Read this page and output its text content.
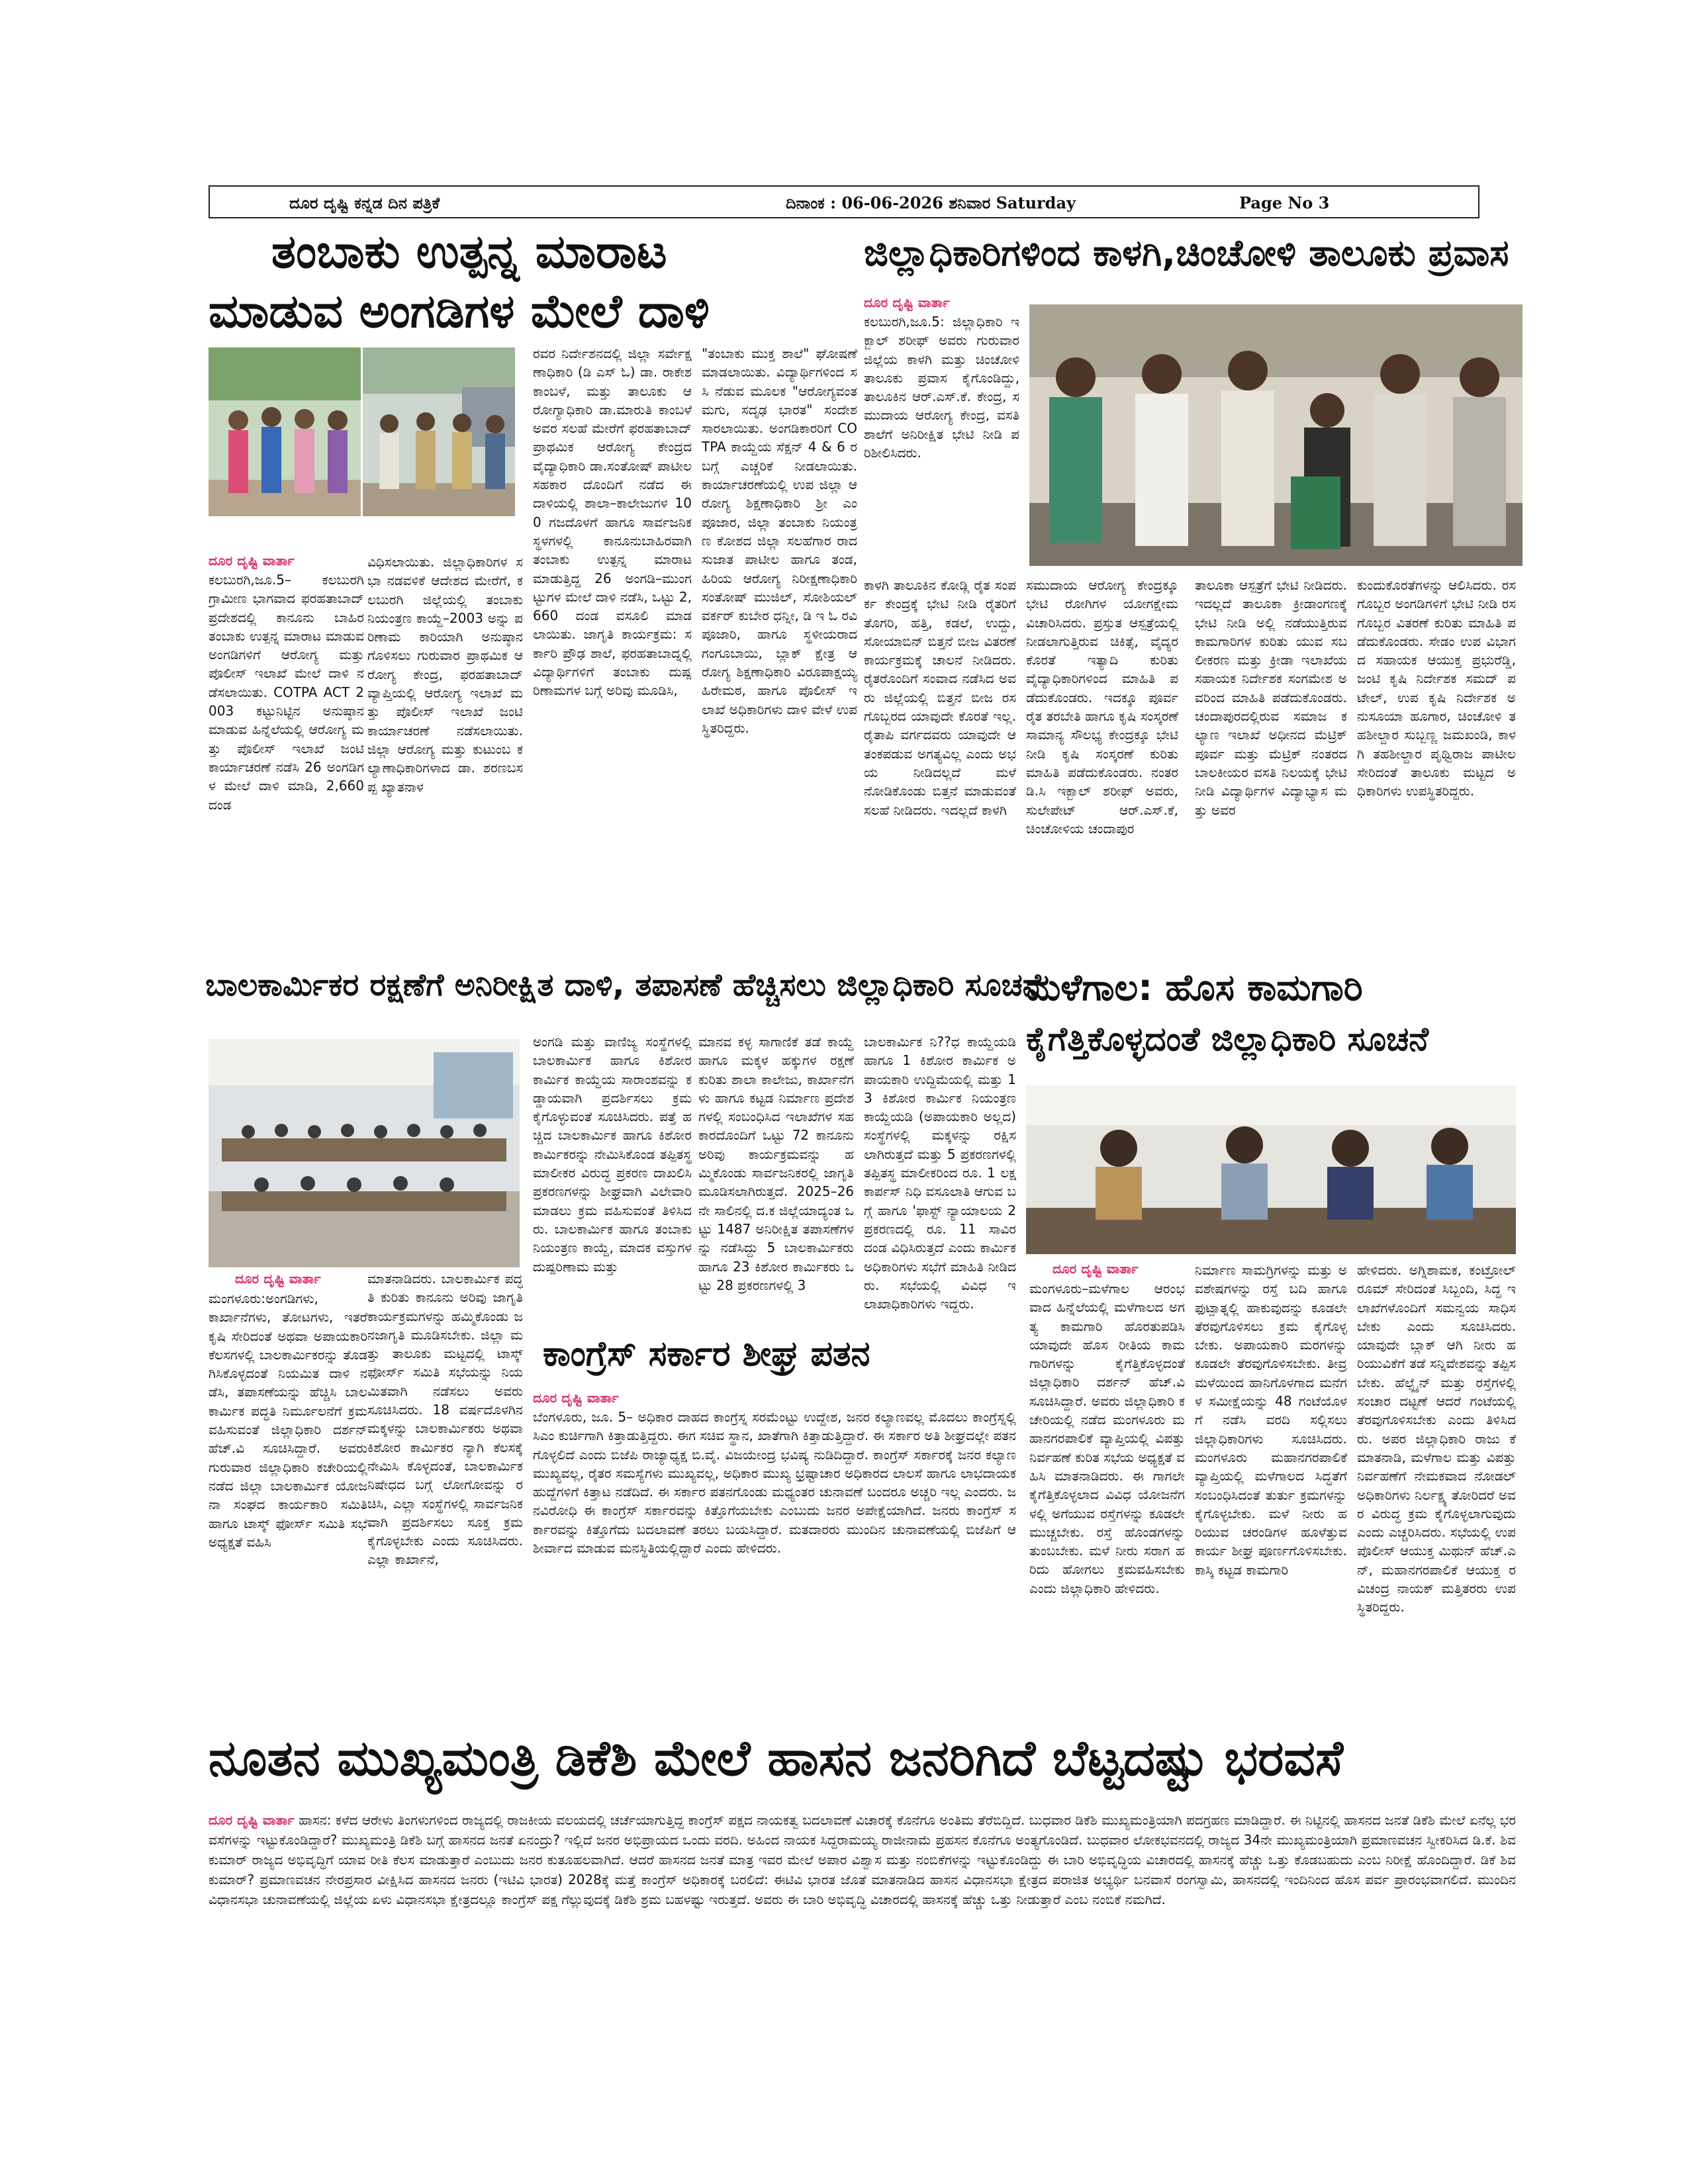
ದೂರ ದೃಷ್ಟಿ ಕನ್ನಡ ದಿನ ಪತ್ರಿಕೆ	ದಿನಾಂಕ : 06-06-2026 ಶನಿವಾರ Saturday	Page No 3
ತಂಬಾಕು ಉತ್ಪನ್ನ ಮಾರಾಟ
ಮಾಡುವ ಅಂಗಡಿಗಳ ಮೇಲೆ ದಾಳಿ
ದೂರ ದೃಷ್ಟಿ ವಾರ್ತಾ

ಕಲಬುರಗಿ,ಜೂ.5– ಕಲಬುರಗಿ ಗ್ರಾಮೀಣ ಭಾಗವಾದ ಫರಹತಾಬಾದ್ ಪ್ರದೇಶದಲ್ಲಿ ಕಾನೂನು ಬಾಹಿರ ತಂಬಾಕು ಉತ್ಪನ್ನ ಮಾರಾಟ ಮಾಡುವ ಅಂಗಡಿಗಳಿಗೆ ಆರೋಗ್ಯ ಮತ್ತು ಪೊಲೀಸ್ ಇಲಾಖೆ ಮೇಲೆ ದಾಳಿ ನಡೆಸಲಾಯಿತು. COTPA ACT 2003 ಕಟ್ಟುನಿಟ್ಟಿನ ಅನುಷ್ಠಾನ ಮಾಡುವ ಹಿನ್ನೆಲೆಯಲ್ಲಿ ಆರೋಗ್ಯ ಮತ್ತು ಪೊಲೀಸ್ ಇಲಾಖೆ ಜಂಟಿ ಕಾರ್ಯಾಚರಣೆ ನಡೆಸಿ 26 ಅಂಗಡಿಗಳ ಮೇಲೆ ದಾಳಿ ಮಾಡಿ, 2,660 ದಂಡ

ವಿಧಿಸಲಾಯಿತು. ಜಿಲ್ಲಾಧಿಕಾರಿಗಳ ಸಭಾ ನಡವಳಿಕೆ ಆದೇಶದ ಮೇರೆಗೆ, ಕಲಬುರಗಿ ಜಿಲ್ಲೆಯಲ್ಲಿ ತಂಬಾಕು ನಿಯಂತ್ರಣ ಕಾಯ್ದೆ–2003 ಅನ್ನು ಪರಿಣಾಮ ಕಾರಿಯಾಗಿ ಅನುಷ್ಠಾನ ಗೊಳಿಸಲು ಗುರುವಾರ ಪ್ರಾಥಮಿಕ ಆರೋಗ್ಯ ಕೇಂದ್ರ, ಫರಹತಾಬಾದ್ ವ್ಯಾಪ್ತಿಯಲ್ಲಿ ಆರೋಗ್ಯ ಇಲಾಖೆ ಮತ್ತು ಪೊಲೀಸ್ ಇಲಾಖೆ ಜಂಟಿ ಕಾರ್ಯಾಚರಣೆ ನಡೆಸಲಾಯಿತು. ಜಿಲ್ಲಾ ಆರೋಗ್ಯ ಮತ್ತು ಕುಟುಂಬ ಕಲ್ಯಾಣಾಧಿಕಾರಿಗಳಾದ ಡಾ. ಶರಣಬಸಪ್ಪ ಖ್ಯಾತನಾಳ

ರವರ ನಿರ್ದೇಶನದಲ್ಲಿ ಜಿಲ್ಲಾ ಸರ್ವೇಕ್ಷಣಾಧಿಕಾರಿ (ಡಿ ಎಸ್ ಓ) ಡಾ. ರಾಕೇಶ ಕಾಂಬಳೆ, ಮತ್ತು ತಾಲೂಕು ಆರೋಗ್ಯಾಧಿಕಾರಿ ಡಾ.ಮಾರುತಿ ಕಾಂಬಳೆ ಅವರ ಸಲಹೆ ಮೇರೆಗೆ ಫರಹತಾಬಾದ್ ಪ್ರಾಥಮಿಕ ಆರೋಗ್ಯ ಕೇಂದ್ರದ ವೈದ್ಯಾಧಿಕಾರಿ ಡಾ.ಸಂತೋಷ್ ಪಾಟೀಲ ಸಹಕಾರ ದೊಂದಿಗೆ ನಡೆದ ಈ ದಾಳಿಯಲ್ಲಿ ಶಾಲಾ–ಕಾಲೇಜುಗಳ 100 ಗಜದೊಳಗೆ ಹಾಗೂ ಸಾರ್ವಜನಿಕ ಸ್ಥಳಗಳಲ್ಲಿ ಕಾನೂನುಬಾಹಿರವಾಗಿ ತಂಬಾಕು ಉತ್ಪನ್ನ ಮಾರಾಟ ಮಾಡುತ್ತಿದ್ದ 26 ಅಂಗಡಿ–ಮುಂಗಟ್ಟುಗಳ ಮೇಲೆ ದಾಳಿ ನಡೆಸಿ, ಒಟ್ಟು 2,660 ದಂಡ ವಸೂಲಿ ಮಾಡಲಾಯಿತು. ಜಾಗೃತಿ ಕಾರ್ಯಕ್ರಮ: ಸರ್ಕಾರಿ ಪ್ರೌಢ ಶಾಲೆ, ಫರಹತಾಬಾದ್ನಲ್ಲಿ ವಿದ್ಯಾರ್ಥಿಗಳಿಗೆ ತಂಬಾಕು ದುಷ್ಪರಿಣಾಮಗಳ ಬಗ್ಗೆ ಅರಿವು ಮೂಡಿಸಿ,

"ತಂಬಾಕು ಮುಕ್ತ ಶಾಲೆ" ಘೋಷಣೆ ಮಾಡಲಾಯಿತು. ವಿದ್ಯಾರ್ಥಿಗಳಿಂದ ಸಸಿ ನೆಡುವ ಮೂಲಕ "ಆರೋಗ್ಯವಂತ ಮಗು, ಸದೃಢ ಭಾರತ" ಸಂದೇಶ ಸಾರಲಾಯಿತು. ಅಂಗಡಿಕಾರರಿಗೆ COTPA ಕಾಯ್ದೆಯ ಸೆಕ್ಷನ್ 4 & 6 ರ ಬಗ್ಗೆ ಎಚ್ಚರಿಕೆ ನೀಡಲಾಯಿತು. ಕಾರ್ಯಾಚರಣೆಯಲ್ಲಿ ಉಪ ಜಿಲ್ಲಾ ಆರೋಗ್ಯ ಶಿಕ್ಷಣಾಧಿಕಾರಿ ಶ್ರೀ ಎಂ ಪೂಜಾರ, ಜಿಲ್ಲಾ ತಂಬಾಕು ನಿಯಂತ್ರಣ ಕೋಶದ ಜಿಲ್ಲಾ ಸಲಹೆಗಾರ ರಾದ ಸುಜಾತ ಪಾಟೀಲ ಹಾಗೂ ತಂಡ, ಹಿರಿಯ ಆರೋಗ್ಯ ನಿರೀಕ್ಷಣಾಧಿಕಾರಿ ಸಂತೋಷ್ ಮುಜಿಲ್, ಸೋಶಿಯಲ್ ವರ್ಕರ್ ಕುಬೇರ ಧನ್ನೀ, ಡಿ ಇ ಓ ರವಿ ಪೂಜಾರಿ, ಹಾಗೂ ಸ್ಥಳೀಯರಾದ ಗಂಗೂಬಾಯಿ, ಬ್ಲಾಕ್ ಕ್ಷೇತ್ರ ಆರೋಗ್ಯ ಶಿಕ್ಷಣಾಧಿಕಾರಿ ವಿರೂಪಾಕ್ಷಯ್ಯ ಹಿರೇಮಠ, ಹಾಗೂ ಪೊಲೀಸ್ ಇಲಾಖೆ ಅಧಿಕಾರಿಗಳು ದಾಳಿ ವೇಳೆ ಉಪಸ್ಥಿತರಿದ್ದರು.

ಜಿಲ್ಲಾಧಿಕಾರಿಗಳಿಂದ ಕಾಳಗಿ,ಚಿಂಚೋಳಿ ತಾಲೂಕು ಪ್ರವಾಸ
ದೂರ ದೃಷ್ಟಿ ವಾರ್ತಾ

ಕಲಬುರಗಿ,ಜೂ.5: ಜಿಲ್ಲಾಧಿಕಾರಿ ಇಕ್ಬಾಲ್ ಶರೀಫ್ ಅವರು ಗುರುವಾರ ಜಿಲ್ಲೆಯ ಕಾಳಗಿ ಮತ್ತು ಚಿಂಚೋಳಿ ತಾಲೂಕು ಪ್ರವಾಸ ಕೈಗೊಂಡಿದ್ದು, ತಾಲೂಕಿನ ಆರ್.ಎಸ್.ಕೆ. ಕೇಂದ್ರ, ಸಮುದಾಯ ಆರೋಗ್ಯ ಕೇಂದ್ರ, ವಸತಿ ಶಾಲೆಗೆ ಅನಿರೀಕ್ಷಿತ ಭೇಟಿ ನೀಡಿ ಪರಿಶೀಲಿಸಿದರು.

ಕಾಳಗಿ ತಾಲೂಕಿನ ಕೋಡ್ಲಿ ರೈತ ಸಂಪರ್ಕ ಕೇಂದ್ರಕ್ಕೆ ಭೇಟಿ ನೀಡಿ ರೈತರಿಗೆ ತೊಗರಿ, ಹತ್ತಿ, ಕಡಲೆ, ಉದ್ದು, ಸೋಯಾಬಿನ್ ಬಿತ್ತನೆ ಬೀಜ ವಿತರಣೆ ಕಾರ್ಯಕ್ರಮಕ್ಕೆ ಚಾಲನೆ ನೀಡಿದರು. ರೈತರೊಂದಿಗೆ ಸಂವಾದ ನಡೆಸಿದ ಅವರು ಜಿಲ್ಲೆಯಲ್ಲಿ ಬಿತ್ತನೆ ಬೀಜ ರಸಗೊಬ್ಬರದ ಯಾವುದೇ ಕೊರತೆ ಇಲ್ಲ. ರೈತಾಪಿ ವರ್ಗದವರು ಯಾವುದೇ ಆತಂಕಪಡುವ ಅಗತ್ಯವಿಲ್ಲ ಎಂದು ಅಭಯ ನೀಡಿದಲ್ಲದೆ ಮಳೆ ನೋಡಿಕೊಂಡು ಬಿತ್ತನೆ ಮಾಡುವಂತೆ ಸಲಹೆ ನೀಡಿದರು. ಇದಲ್ಲದೆ ಕಾಳಗಿ

ಸಮುದಾಯ ಆರೋಗ್ಯ ಕೇಂದ್ರಕ್ಕೂ ಭೇಟಿ ರೋಗಿಗಳ ಯೋಗಕ್ಷೇಮ ವಿಚಾರಿಸಿದರು. ಪ್ರಸ್ತುತ ಆಸ್ಪತ್ರೆಯಲ್ಲಿ ನೀಡಲಾಗುತ್ತಿರುವ ಚಿಕಿತ್ಸೆ, ವೈದ್ಯರ ಕೊರತೆ ಇತ್ಯಾದಿ ಕುರಿತು ವೈದ್ಯಾಧಿಕಾರಿಗಳಿಂದ ಮಾಹಿತಿ ಪಡೆದುಕೊಂಡರು. ಇದಕ್ಕೂ ಪೂರ್ವ ರೈತ ತರಬೇತಿ ಹಾಗೂ ಕೃಷಿ ಸಂಸ್ಕರಣೆ ಸಾಮಾನ್ಯ ಸೌಲಭ್ಯ ಕೇಂದ್ರಕ್ಕೂ ಭೇಟಿ ನೀಡಿ ಕೃಷಿ ಸಂಸ್ಕರಣೆ ಕುರಿತು ಮಾಹಿತಿ ಪಡೆದುಕೊಂಡರು. ನಂತರ ಡಿ.ಸಿ ಇಕ್ಬಾಲ್ ಶರೀಫ್ ಅವರು, ಸುಲೇಪೇಟ್ ಆರ್.ಎಸ್.ಕೆ, ಚಿಂಚೋಳಿಯ ಚಂದಾಪುರ

ತಾಲೂಕಾ ಆಸ್ಪತ್ರೆಗೆ ಭೇಟಿ ನೀಡಿದರು. ಇದಲ್ಲದೆ ತಾಲೂಕಾ ಕ್ರೀಡಾಂಗಣಕ್ಕೆ ಭೇಟಿ ನೀಡಿ ಅಲ್ಲಿ ನಡೆಯುತ್ತಿರುವ ಕಾಮಗಾರಿಗಳ ಕುರಿತು ಯುವ ಸಬಲೀಕರಣ ಮತ್ತು ಕ್ರೀಡಾ ಇಲಾಖೆಯ ಸಹಾಯಕ ನಿರ್ದೇಶಕ ಸಂಗಮೇಶ ಅವರಿಂದ ಮಾಹಿತಿ ಪಡೆದುಕೊಂಡರು. ಚಂದಾಪುರದಲ್ಲಿರುವ ಸಮಾಜ ಕಲ್ಯಾಣ ಇಲಾಖೆ ಅಧೀನದ ಮೆಟ್ರಿಕ್ ಪೂರ್ವ ಮತ್ತು ಮೆಟ್ರಿಕ್ ನಂತರದ ಬಾಲಕೀಯರ ವಸತಿ ನಿಲಯಕ್ಕೆ ಭೇಟಿ ನೀಡಿ ವಿದ್ಯಾರ್ಥಿಗಳ ವಿದ್ಯಾಭ್ಯಾಸ ಮತ್ತು ಅವರ

ಕುಂದುಕೊರತೆಗಳನ್ನು ಆಲಿಸಿದರು. ರಸಗೊಬ್ಬರ ಅಂಗಡಿಗಳಿಗೆ ಭೇಟಿ ನೀಡಿ ರಸಗೊಬ್ಬರ ವಿತರಣೆ ಕುರಿತು ಮಾಹಿತಿ ಪಡೆದುಕೊಂಡರು. ಸೇಡಂ ಉಪ ವಿಭಾಗದ ಸಹಾಯಕ ಆಯುಕ್ತ ಪ್ರಭುರೆಡ್ಡಿ, ಜಂಟಿ ಕೃಷಿ ನಿರ್ದೇಶಕ ಸಮದ್ ಪಟೇಲ್, ಉಪ ಕೃಷಿ ನಿರ್ದೇಶಕ ಅನುಸೂಯಾ ಹೂಗಾರ, ಚಿಂಚೋಳಿ ತಹಶೀಲ್ದಾರ ಸುಬ್ಬಣ್ಣ ಜಮಖಂಡಿ, ಕಾಳಗಿ ತಹಶೀಲ್ದಾರ ಪೃಥ್ವಿರಾಜ ಪಾಟೀಲ ಸೇರಿದಂತೆ ತಾಲೂಕು ಮಟ್ಟದ ಅಧಿಕಾರಿಗಳು ಉಪಸ್ಥಿತರಿದ್ದರು.

ಬಾಲಕಾರ್ಮಿಕರ ರಕ್ಷಣೆಗೆ ಅನಿರೀಕ್ಷಿತ ದಾಳಿ, ತಪಾಸಣೆ ಹೆಚ್ಚಿಸಲು ಜಿಲ್ಲಾಧಿಕಾರಿ ಸೂಚನೆ
ದೂರ ದೃಷ್ಟಿ ವಾರ್ತಾ

ಮಂಗಳೂರು:ಅಂಗಡಿಗಳು, ಕಾರ್ಖಾನೆಗಳು, ತೋಟಗಳು, ಇತರೆ ಕೃಷಿ ಸೇರಿದಂತೆ ಅಥವಾ ಅಪಾಯಕಾರಿ ಕೆಲಸಗಳಲ್ಲಿ ಬಾಲಕಾರ್ಮಿಕರನ್ನು ತೊಡಗಿಸಿಕೊಳ್ಳದಂತೆ ನಿಯಮಿತ ದಾಳಿ ನಡೆಸಿ, ತಪಾಸಣೆಯನ್ನು ಹೆಚ್ಚಿಸಿ ಬಾಲಕಾರ್ಮಿಕ ಪದ್ಧತಿ ನಿರ್ಮೂಲನೆಗೆ ಕ್ರಮವಹಿಸುವಂತೆ ಜಿಲ್ಲಾಧಿಕಾರಿ ದರ್ಶನ್ ಹೆಚ್.ವಿ ಸೂಚಿಸಿದ್ದಾರೆ. ಅವರು ಗುರುವಾರ ಜಿಲ್ಲಾಧಿಕಾರಿ ಕಚೇರಿಯಲ್ಲಿ ನಡೆದ ಜಿಲ್ಲಾ ಬಾಲಕಾರ್ಮಿಕ ಯೋಜನಾ ಸಂಘದ ಕಾರ್ಯಕಾರಿ ಸಮಿತಿ ಹಾಗೂ ಟಾಸ್ಕ್ ಫೋರ್ಸ್ ಸಮಿತಿ ಸಭೆ ಅಧ್ಯಕ್ಷತೆ ವಹಿಸಿ

ಮಾತನಾಡಿದರು. ಬಾಲಕಾರ್ಮಿಕ ಪದ್ಧತಿ ಕುರಿತು ಕಾನೂನು ಅರಿವು ಜಾಗೃತಿ ಕಾರ್ಯಕ್ರಮಗಳನ್ನು ಹಮ್ಮಿಕೊಂಡು ಜನಜಾಗೃತಿ ಮೂಡಿಸಬೇಕು. ಜಿಲ್ಲಾ ಮತ್ತು ತಾಲೂಕು ಮಟ್ಟದಲ್ಲಿ ಟಾಸ್ಕ್ ಫೋರ್ಸ್ ಸಮಿತಿ ಸಭೆಯನ್ನು ನಿಯಮಿತವಾಗಿ ನಡೆಸಲು ಅವರು ಸೂಚಿಸಿದರು. 18 ವರ್ಷದೊಳಗಿನ ಮಕ್ಕಳನ್ನು ಬಾಲಕಾರ್ಮಿಕರು ಅಥವಾ ಕಿಶೋರ ಕಾರ್ಮಿಕರ ನ್ಯಾಗಿ ಕೆಲಸಕ್ಕೆ ನೇಮಿಸಿ ಕೊಳ್ಳದಂತೆ, ಬಾಲಕಾರ್ಮಿಕ ನಿಷೇಧದ ಬಗ್ಗೆ ಲೋಗೋವನ್ನು ರಚಿಸಿ, ಎಲ್ಲಾ ಸಂಸ್ಥೆಗಳಲ್ಲಿ ಸಾರ್ವಜನಿಕವಾಗಿ ಪ್ರದರ್ಶಿಸಲು ಸೂಕ್ತ ಕ್ರಮಕೈಗೊಳ್ಳಬೇಕು ಎಂದು ಸೂಚಿಸಿದರು. ಎಲ್ಲಾ ಕಾರ್ಖಾನೆ,

ಅಂಗಡಿ ಮತ್ತು ವಾಣಿಜ್ಯ ಸಂಸ್ಥೆಗಳಲ್ಲಿ ಬಾಲಕಾರ್ಮಿಕ ಹಾಗೂ ಕಿಶೋರ ಕಾರ್ಮಿಕ ಕಾಯ್ದೆಯ ಸಾರಾಂಶವನ್ನು ಕಡ್ಡಾಯವಾಗಿ ಪ್ರದರ್ಶಿಸಲು ಕ್ರಮ ಕೈಗೊಳ್ಳುವಂತೆ ಸೂಚಿಸಿದರು. ಪತ್ತೆ ಹಚ್ಚಿದ ಬಾಲಕಾರ್ಮಿಕ ಹಾಗೂ ಕಿಶೋರ ಕಾರ್ಮಿಕರನ್ನು ನೇಮಿಸಿಕೊಂಡ ತಪ್ಪಿತಸ್ಥ ಮಾಲೀಕರ ವಿರುದ್ಧ ಪ್ರಕರಣ ದಾಖಲಿಸಿ ಪ್ರಕರಣಗಳನ್ನು ಶೀಘ್ರವಾಗಿ ವಿಲೇವಾರಿ ಮಾಡಲು ಕ್ರಮ ವಹಿಸುವಂತೆ ತಿಳಿಸಿದರು. ಬಾಲಕಾರ್ಮಿಕ ಹಾಗೂ ತಂಬಾಕು ನಿಯಂತ್ರಣ ಕಾಯ್ದೆ, ಮಾದಕ ವಸ್ತುಗಳ ದುಷ್ಪರಿಣಾಮ ಮತ್ತು

ಮಾನವ ಕಳ್ಳ ಸಾಗಾಣಿಕೆ ತಡೆ ಕಾಯ್ದೆ ಹಾಗೂ ಮಕ್ಕಳ ಹಕ್ಕುಗಳ ರಕ್ಷಣೆ ಕುರಿತು ಶಾಲಾ ಕಾಲೇಜು, ಕಾರ್ಖಾನೆಗಳು ಹಾಗೂ ಕಟ್ಟಡ ನಿರ್ಮಾಣ ಪ್ರದೇಶಗಳಲ್ಲಿ ಸಂಬಂಧಿಸಿದ ಇಲಾಖೆಗಳ ಸಹಕಾರದೊಂದಿಗೆ ಒಟ್ಟು 72 ಕಾನೂನು ಅರಿವು ಕಾರ್ಯಕ್ರಮವನ್ನು ಹಮ್ಮಿಕೊಂಡು ಸಾರ್ವಜನಿಕರಲ್ಲಿ ಜಾಗೃತಿ ಮೂಡಿಸಲಾಗಿರುತ್ತದೆ. 2025–26ನೇ ಸಾಲಿನಲ್ಲಿ ದ.ಕ ಜಿಲ್ಲೆಯಾದ್ಯಂತ ಒಟ್ಟು 1487 ಅನಿರೀಕ್ಷಿತ ತಪಾಸಣೆಗಳನ್ನು ನಡೆಸಿದ್ದು 5 ಬಾಲಕಾರ್ಮಿಕರು ಹಾಗೂ 23 ಕಿಶೋರ ಕಾರ್ಮಿಕರು ಒಟ್ಟು 28 ಪ್ರಕರಣಗಳಲ್ಲಿ 3

ಬಾಲಕಾರ್ಮಿಕ ನಿ??ಧ ಕಾಯ್ದೆಯಡಿ ಹಾಗೂ 1 ಕಿಶೋರ ಕಾರ್ಮಿಕ ಅಪಾಯಕಾರಿ ಉದ್ದಿಮೆಯಲ್ಲಿ ಮತ್ತು 13 ಕಿಶೋರ ಕಾರ್ಮಿಕ ನಿಯಂತ್ರಣ ಕಾಯ್ದೆಯಡಿ (ಅಪಾಯಕಾರಿ ಅಲ್ಲದ) ಸಂಸ್ಥೆಗಳಲ್ಲಿ ಮಕ್ಕಳನ್ನು ರಕ್ಷಿಸಲಾಗಿರುತ್ತದೆ ಮತ್ತು 5 ಪ್ರಕರಣಗಳಲ್ಲಿ ತಪ್ಪಿತಸ್ಥ ಮಾಲೀಕರಿಂದ ರೂ. 1 ಲಕ್ಷ ಕಾರ್ಪಸ್ ನಿಧಿ ವಸೂಲಾತಿ ಆಗುವ ಬಗ್ಗೆ ಹಾಗೂ 'ಫಾಸ್ಟ್ ನ್ಯಾಯಾಲಯ 2 ಪ್ರಕರಣದಲ್ಲಿ ರೂ. 11 ಸಾವಿರ ದಂಡ ವಿಧಿಸಿರುತ್ತದೆ ಎಂದು ಕಾರ್ಮಿಕ ಅಧಿಕಾರಿಗಳು ಸಭೆಗೆ ಮಾಹಿತಿ ನೀಡಿದರು. ಸಭೆಯಲ್ಲಿ ವಿವಿಧ ಇಲಾಖಾಧಿಕಾರಿಗಳು ಇದ್ದರು.

ಕಾಂಗ್ರೆಸ್ ಸರ್ಕಾರ ಶೀಘ್ರ ಪತನ
ದೂರ ದೃಷ್ಟಿ ವಾರ್ತಾ

ಬೆಂಗಳೂರು, ಜೂ. 5– ಅಧಿಕಾರ ದಾಹದ ಕಾಂಗ್ರೆಸ್ನ ಸರಮೆಂಟ್ಟು ಉದ್ದೇಶ, ಜನರ ಕಲ್ಯಾಣವಲ್ಲ ಮೊದಲು ಕಾಂಗ್ರೆಸ್ನಲ್ಲಿ ಸಿಎಂ ಕುರ್ಚಿಗಾಗಿ ಕಿತ್ತಾಡುತ್ತಿದ್ದರು. ಈಗ ಸಚಿವ ಸ್ಥಾನ, ಖಾತೆಗಾಗಿ ಕಿತ್ತಾಡುತ್ತಿದ್ದಾರೆ. ಈ ಸರ್ಕಾರ ಅತಿ ಶೀಘ್ರದಲ್ಲೇ ಪತನಗೊಳ್ಳಲಿದೆ ಎಂದು ಬಿಜೆಪಿ ರಾಜ್ಯಾಧ್ಯಕ್ಷ ಬಿ.ವೈ. ವಿಜಯೇಂದ್ರ ಭವಿಷ್ಯ ನುಡಿದಿದ್ದಾರೆ. ಕಾಂಗ್ರೆಸ್ ಸರ್ಕಾರಕ್ಕೆ ಜನರ ಕಲ್ಯಾಣ ಮುಖ್ಯವಲ್ಲ, ರೈತರ ಸಮಸ್ಯೆಗಳು ಮುಖ್ಯವಲ್ಲ, ಅಧಿಕಾರ ಮುಖ್ಯ ಭ್ರಷ್ಟಾಚಾರ ಅಧಿಕಾರದ ಲಾಲಸೆ ಹಾಗೂ ಲಾಭದಾಯಕ ಹುದ್ದೆಗಳಿಗೆ ಕಿತ್ತಾಟ ನಡೆದಿದೆ. ಈ ಸರ್ಕಾರ ಪತನಗೊಂಡು ಮಧ್ಯಂತರ ಚುನಾವಣೆ ಬಂದರೂ ಅಚ್ಚರಿ ಇಲ್ಲ ಎಂದರು. ಜನವಿರೋಧಿ ಈ ಕಾಂಗ್ರೆಸ್ ಸರ್ಕಾರವನ್ನು ಕಿತ್ತೊಗೆಯಬೇಕು ಎಂಬುದು ಜನರ ಅಪೇಕ್ಷೆಯಾಗಿದೆ. ಜನರು ಕಾಂಗ್ರೆಸ್ ಸರ್ಕಾರವನ್ನು ಕಿತ್ತೊಗೆದು ಬದಲಾವಣೆ ತರಲು ಬಯಸಿದ್ದಾರೆ. ಮತದಾರರು ಮುಂದಿನ ಚುನಾವಣೆಯಲ್ಲಿ ಬಿಜೆಪಿಗೆ ಆಶೀರ್ವಾದ ಮಾಡುವ ಮನಸ್ಥಿತಿಯಲ್ಲಿದ್ದಾರೆ ಎಂದು ಹೇಳಿದರು.

ಮಳೆಗಾಲ: ಹೊಸ ಕಾಮಗಾರಿ
ಕೈಗೆತ್ತಿಕೊಳ್ಳದಂತೆ ಜಿಲ್ಲಾಧಿಕಾರಿ ಸೂಚನೆ
ದೂರ ದೃಷ್ಟಿ ವಾರ್ತಾ

ಮಂಗಳೂರು–ಮಳೆಗಾಲ ಆರಂಭವಾದ ಹಿನ್ನೆಲೆಯಲ್ಲಿ ಮಳೆಗಾಲದ ಅಗತ್ಯ ಕಾಮಗಾರಿ ಹೊರತುಪಡಿಸಿ ಯಾವುದೇ ಹೊಸ ರೀತಿಯ ಕಾಮಗಾರಿಗಳನ್ನು ಕೈಗೆತ್ತಿಕೊಳ್ಳದಂತೆ ಜಿಲ್ಲಾಧಿಕಾರಿ ದರ್ಶನ್ ಹೆಚ್.ವಿ ಸೂಚಿಸಿದ್ದಾರೆ. ಅವರು ಜಿಲ್ಲಾಧಿಕಾರಿ ಕಚೇರಿಯಲ್ಲಿ ನಡೆದ ಮಂಗಳೂರು ಮಹಾನಗರಪಾಲಿಕೆ ವ್ಯಾಪ್ತಿಯಲ್ಲಿ ವಿಪತ್ತು ನಿರ್ವಹಣೆ ಕುರಿತ ಸಭೆಯ ಅಧ್ಯಕ್ಷತೆ ವಹಿಸಿ ಮಾತನಾಡಿದರು. ಈ ಗಾಗಲೇ ಕೈಗೆತ್ತಿಕೊಳ್ಳಲಾದ ವಿವಿಧ ಯೋಜನೆಗಳಲ್ಲಿ ಅಗೆಯುವ ರಸ್ತೆಗಳನ್ನು ಕೂಡಲೇ ಮುಚ್ಚಬೇಕು. ರಸ್ತೆ ಹೊಂಡಗಳನ್ನು ತುಂಬಬೇಕು. ಮಳೆ ನೀರು ಸರಾಗ ಹರಿದು ಹೋಗಲು ಕ್ರಮವಹಿಸಬೇಕು ಎಂದು ಜಿಲ್ಲಾಧಿಕಾರಿ ಹೇಳಿದರು.

ನಿರ್ಮಾಣ ಸಾಮಗ್ರಿಗಳನ್ನು ಮತ್ತು ಅವಶೇಷಗಳನ್ನು ರಸ್ತೆ ಬದಿ ಹಾಗೂ ಫುಟ್ಪಾತ್ನಲ್ಲಿ ಹಾಕುವುದನ್ನು ಕೂಡಲೇ ತೆರವುಗೊಳಿಸಲು ಕ್ರಮ ಕೈಗೊಳ್ಳಬೇಕು. ಅಪಾಯಕಾರಿ ಮರಗಳನ್ನು ಕೂಡಲೇ ತೆರವುಗೊಳಿಸಬೇಕು. ತೀವ್ರ ಮಳೆಯಿಂದ ಹಾನಿಗೊಳಗಾದ ಮನೆಗಳ ಸಮೀಕ್ಷೆಯನ್ನು 48 ಗಂಟೆಯೊಳಗೆ ನಡೆಸಿ ವರದಿ ಸಲ್ಲಿಸಲು ಜಿಲ್ಲಾಧಿಕಾರಿಗಳು ಸೂಚಿಸಿದರು. ಮಂಗಳೂರು ಮಹಾನಗರಪಾಲಿಕೆ ವ್ಯಾಪ್ತಿಯಲ್ಲಿ ಮಳೆಗಾಲದ ಸಿದ್ಧತೆಗೆ ಸಂಬಂಧಿಸಿದಂತೆ ತುರ್ತು ಕ್ರಮಗಳನ್ನು ಕೈಗೊಳ್ಳಬೇಕು. ಮಳೆ ನೀರು ಹರಿಯುವ ಚರಂಡಿಗಳ ಹೂಳೆತ್ತುವ ಕಾರ್ಯ ಶೀಘ್ರ ಪೂರ್ಣಗೊಳಿಸಬೇಕು. ಕಾಸ್ಕಿ ಕಟ್ಟಡ ಕಾಮಗಾರಿ

ಹೇಳಿದರು. ಅಗ್ನಿಶಾಮಕ, ಕಂಟ್ರೋಲ್ ರೂಮ್ ಸೇರಿದಂತೆ ಸಿಬ್ಬಂದಿ, ಸಿದ್ಧ ಇಲಾಖೆಗಳೊಂದಿಗೆ ಸಮನ್ವಯ ಸಾಧಿಸಬೇಕು ಎಂದು ಸೂಚಿಸಿದರು. ಯಾವುದೇ ಬ್ಲಾಕ್ ಆಗಿ ನೀರು ಹರಿಯುವಿಕೆಗೆ ತಡೆ ಸನ್ನಿವೇಶವನ್ನು ತಪ್ಪಿಸಬೇಕು. ಹೆಲ್ಪ್ಲೈನ್ ಮತ್ತು ರಸ್ತೆಗಳಲ್ಲಿ ಸಂಚಾರ ದಟ್ಟಣೆ ಆದರೆ ಗಂಟೆಯಲ್ಲಿ ತೆರವುಗೊಳಿಸಬೇಕು ಎಂದು ತಿಳಿಸಿದರು. ಅಪರ ಜಿಲ್ಲಾಧಿಕಾರಿ ರಾಜು ಕೆ ಮಾತನಾಡಿ, ಮಳೆಗಾಲ ಮತ್ತು ವಿಪತ್ತು ನಿರ್ವಹಣೆಗೆ ನೇಮಕವಾದ ನೋಡಲ್ ಅಧಿಕಾರಿಗಳು ನಿರ್ಲಕ್ಷ್ಯ ತೋರಿದರೆ ಅವರ ವಿರುದ್ಧ ಕ್ರಮ ಕೈಗೊಳ್ಳಲಾಗುವುದು ಎಂದು ಎಚ್ಚರಿಸಿದರು. ಸಭೆಯಲ್ಲಿ ಉಪ ಪೊಲೀಸ್ ಆಯುಕ್ತ ಮಿಥುನ್ ಹೆಚ್.ಎನ್, ಮಹಾನಗರಪಾಲಿಕೆ ಆಯುಕ್ತ ರವಿಚಂದ್ರ ನಾಯಕ್ ಮತ್ತಿತರರು ಉಪಸ್ಥಿತರಿದ್ದರು.

ನೂತನ ಮುಖ್ಯಮಂತ್ರಿ ಡಿಕೆಶಿ ಮೇಲೆ ಹಾಸನ ಜನರಿಗಿದೆ ಬೆಟ್ಟದಷ್ಟು ಭರವಸೆ

ದೂರ ದೃಷ್ಟಿ ವಾರ್ತಾ ಹಾಸನ: ಕಳೆದ ಆರೇಳು ತಿಂಗಳುಗಳಿಂದ ರಾಜ್ಯದಲ್ಲಿ ರಾಜಕೀಯ ವಲಯದಲ್ಲಿ ಚರ್ಚೆಯಾಗುತ್ತಿದ್ದ ಕಾಂಗ್ರೆಸ್ ಪಕ್ಷದ ನಾಯಕತ್ವ ಬದಲಾವಣೆ ವಿಚಾರಕ್ಕೆ ಕೊನೆಗೂ ಅಂತಿಮ ತೆರೆಬಿದ್ದಿದೆ. ಬುಧವಾರ ಡಿಕೆಶಿ ಮುಖ್ಯಮಂತ್ರಿಯಾಗಿ ಪದಗ್ರಹಣ ಮಾಡಿದ್ದಾರೆ. ಈ ನಿಟ್ಟಿನಲ್ಲಿ ಹಾಸನದ ಜನತೆ ಡಿಕೆಶಿ ಮೇಲೆ ಏನೆಲ್ಲ ಭರವಸೆಗಳನ್ನು ಇಟ್ಟುಕೊಂಡಿದ್ದಾರೆ? ಮುಖ್ಯಮಂತ್ರಿ ಡಿಕೆಶಿ ಬಗ್ಗೆ ಹಾಸನದ ಜನತೆ ಏನಂದ್ರು? ಇಲ್ಲಿದೆ ಜನರ ಅಭಿಪ್ರಾಯದ ಒಂದು ವರದಿ. ಅಹಿಂದ ನಾಯಕ ಸಿದ್ದರಾಮಯ್ಯ ರಾಜೀನಾಮೆ ಪ್ರಹಸನ ಕೊನೆಗೂ ಅಂತ್ಯಗೊಂಡಿದೆ. ಬುಧವಾರ ಲೋಕಭವನದಲ್ಲಿ ರಾಜ್ಯದ 34ನೇ ಮುಖ್ಯಮಂತ್ರಿಯಾಗಿ ಪ್ರಮಾಣವಚನ ಸ್ವೀಕರಿಸಿದ ಡಿ.ಕೆ. ಶಿವಕುಮಾರ್ ರಾಜ್ಯದ ಅಭಿವೃದ್ಧಿಗೆ ಯಾವ ರೀತಿ ಕೆಲಸ ಮಾಡುತ್ತಾರೆ ಎಂಬುದು ಜನರ ಕುತೂಹಲವಾಗಿದೆ. ಆದರೆ ಹಾಸನದ ಜನತೆ ಮಾತ್ರ ಇವರ ಮೇಲೆ ಅಪಾರ ವಿಶ್ವಾಸ ಮತ್ತು ನಂಬಿಕೆಗಳನ್ನು ಇಟ್ಟುಕೊಂಡಿದ್ದು ಈ ಬಾರಿ ಅಭಿವೃದ್ಧಿಯ ವಿಚಾರದಲ್ಲಿ ಹಾಸನಕ್ಕೆ ಹೆಚ್ಚು ಒತ್ತು ಕೊಡಬಹುದು ಎಂಬ ನಿರೀಕ್ಷೆ ಹೊಂದಿದ್ದಾರೆ. ಡಿಕೆ ಶಿವಕುಮಾರ್? ಪ್ರಮಾಣವಚನ ನೇರಪ್ರಸಾರ ವೀಕ್ಷಿಸಿದ ಹಾಸನದ ಜನರು (ಇಟಿವಿ ಭಾರತ) 2028ಕ್ಕೆ ಮತ್ತೆ ಕಾಂಗ್ರೆಸ್ ಅಧಿಕಾರಕ್ಕೆ ಬರಲಿದೆ: ಈಟಿವಿ ಭಾರತ ಜೊತೆ ಮಾತನಾಡಿದ ಹಾಸನ ವಿಧಾನಸಭಾ ಕ್ಷೇತ್ರದ ಪರಾಜಿತ ಅಭ್ಯರ್ಥಿ ಬನವಾಸೆ ರಂಗಸ್ವಾಮಿ, ಹಾಸನದಲ್ಲಿ ಇಂದಿನಿಂದ ಹೊಸ ಪರ್ವ ಪ್ರಾರಂಭವಾಗಲಿದೆ. ಮುಂದಿನ ವಿಧಾನಸಭಾ ಚುನಾವಣೆಯಲ್ಲಿ ಜಿಲ್ಲೆಯ ಏಳು ವಿಧಾನಸಭಾ ಕ್ಷೇತ್ರದಲ್ಲೂ ಕಾಂಗ್ರೆಸ್ ಪಕ್ಷ ಗೆಲ್ಲುವುದಕ್ಕೆ ಡಿಕೆಶಿ ಶ್ರಮ ಬಹಳಷ್ಟು ಇರುತ್ತದೆ. ಅವರು ಈ ಬಾರಿ ಅಭಿವೃದ್ಧಿ ವಿಚಾರದಲ್ಲಿ ಹಾಸನಕ್ಕೆ ಹೆಚ್ಚು ಒತ್ತು ನೀಡುತ್ತಾರೆ ಎಂಬ ನಂಬಿಕೆ ನಮಗಿದೆ.
